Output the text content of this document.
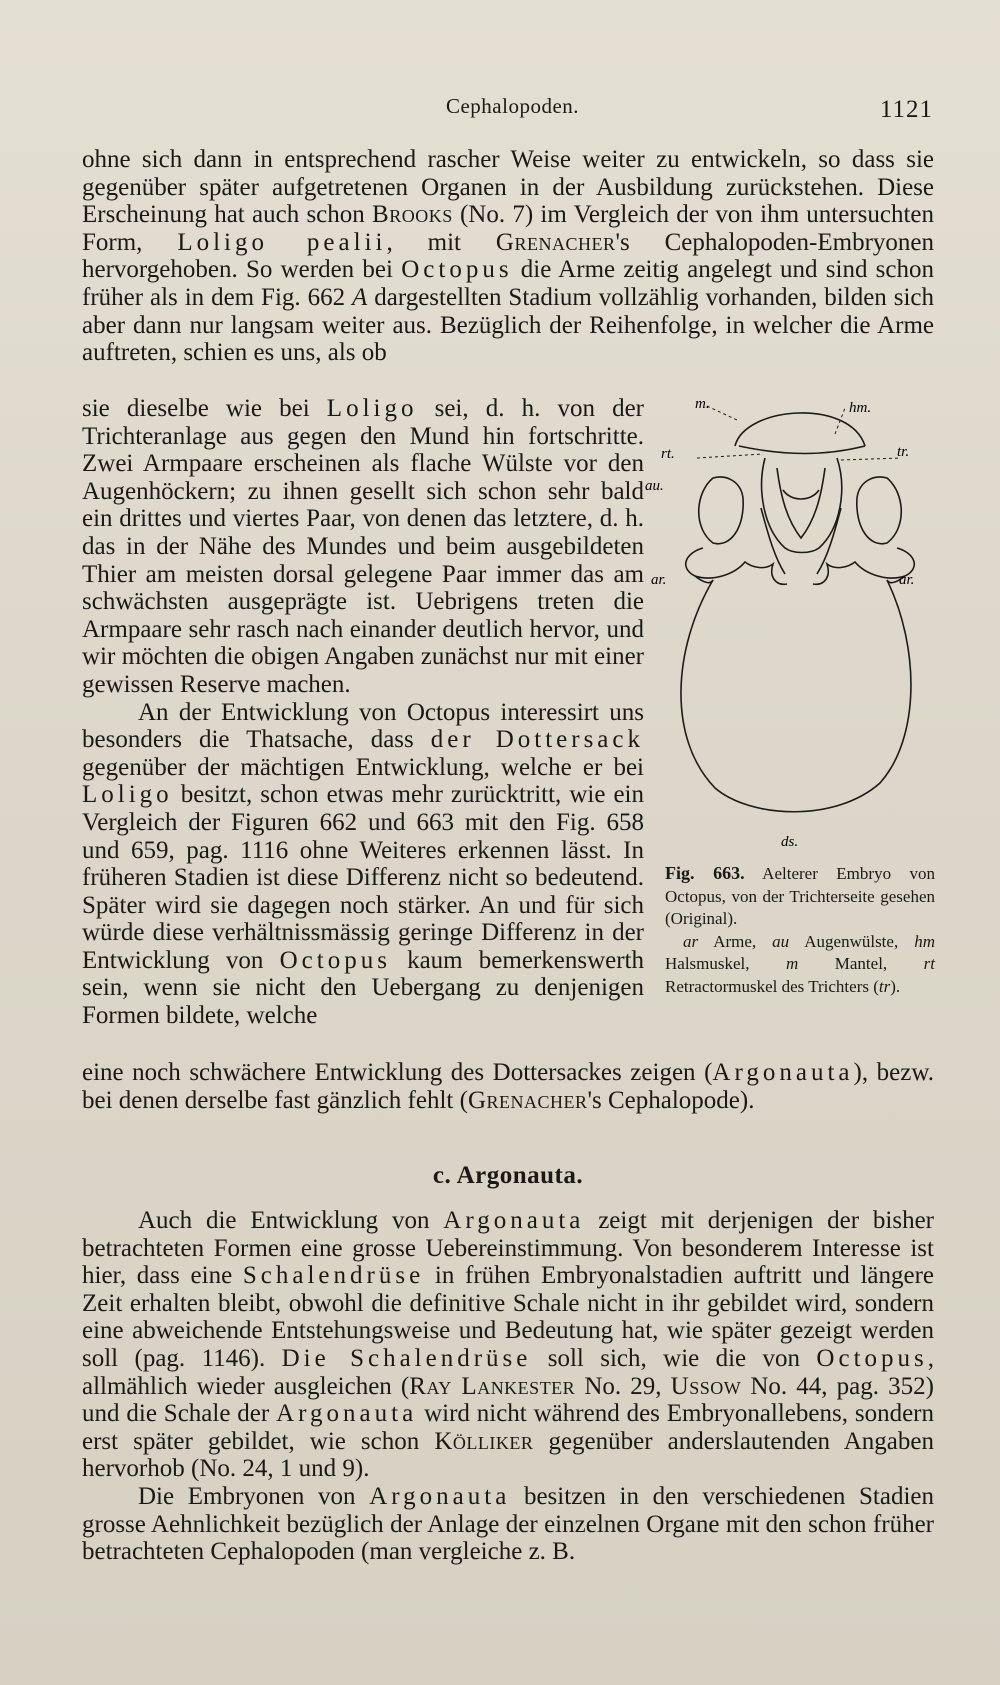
Cephalopoden.	1121

ohne sich dann in entsprechend rascher Weise weiter zu entwickeln, so dass sie gegenüber später aufgetretenen Organen in der Ausbildung zurückstehen. Diese Erscheinung hat auch schon Brooks (No. 7) im Vergleich der von ihm untersuchten Form, Loligo pealii, mit Grenacher's Cephalopoden-Embryonen hervorgehoben. So werden bei Octopus die Arme zeitig angelegt und sind schon früher als in dem Fig. 662 A dargestellten Stadium vollzählig vorhanden, bilden sich aber dann nur langsam weiter aus. Bezüglich der Reihenfolge, in welcher die Arme auftreten, schien es uns, als ob

sie dieselbe wie bei Loligo sei, d. h. von der Trichteranlage aus gegen den Mund hin fortschritte. Zwei Armpaare erscheinen als flache Wülste vor den Augenhöckern; zu ihnen gesellt sich schon sehr bald ein drittes und viertes Paar, von denen das letztere, d. h. das in der Nähe des Mundes und beim ausgebildeten Thier am meisten dorsal gelegene Paar immer das am schwächsten ausgeprägte ist. Uebrigens treten die Armpaare sehr rasch nach einander deutlich hervor, und wir möchten die obigen Angaben zunächst nur mit einer gewissen Reserve machen.

An der Entwicklung von Octopus interessirt uns besonders die Thatsache, dass der Dottersack gegenüber der mächtigen Entwicklung, welche er bei Loligo besitzt, schon etwas mehr zurücktritt, wie ein Vergleich der Figuren 662 und 663 mit den Fig. 658 und 659, pag. 1116 ohne Weiteres erkennen lässt. In früheren Stadien ist diese Differenz nicht so bedeutend. Später wird sie dagegen noch stärker. An und für sich würde diese verhältnissmässig geringe Differenz in der Entwicklung von Octopus kaum bemerkenswerth sein, wenn sie nicht den Uebergang zu denjenigen Formen bildete, welche

m.	hm.
rt.	tr.
au.
ar.	ar.
ds.

Fig. 663. Aelterer Embryo von Octopus, von der Trichterseite gesehen (Original).

ar Arme, au Augenwülste, hm Halsmuskel, m Mantel, rt Retractormuskel des Trichters (tr).

eine noch schwächere Entwicklung des Dottersackes zeigen (Argonauta), bezw. bei denen derselbe fast gänzlich fehlt (Grenacher's Cephalopode).

c. Argonauta.

Auch die Entwicklung von Argonauta zeigt mit derjenigen der bisher betrachteten Formen eine grosse Uebereinstimmung. Von besonderem Interesse ist hier, dass eine Schalendrüse in frühen Embryonalstadien auftritt und längere Zeit erhalten bleibt, obwohl die definitive Schale nicht in ihr gebildet wird, sondern eine abweichende Entstehungsweise und Bedeutung hat, wie später gezeigt werden soll (pag. 1146). Die Schalendrüse soll sich, wie die von Octopus, allmählich wieder ausgleichen (Ray Lankester No. 29, Ussow No. 44, pag. 352) und die Schale der Argonauta wird nicht während des Embryonallebens, sondern erst später gebildet, wie schon Kölliker gegenüber anderslautenden Angaben hervorhob (No. 24, 1 und 9).

Die Embryonen von Argonauta besitzen in den verschiedenen Stadien grosse Aehnlichkeit bezüglich der Anlage der einzelnen Organe mit den schon früher betrachteten Cephalopoden (man vergleiche z. B.
